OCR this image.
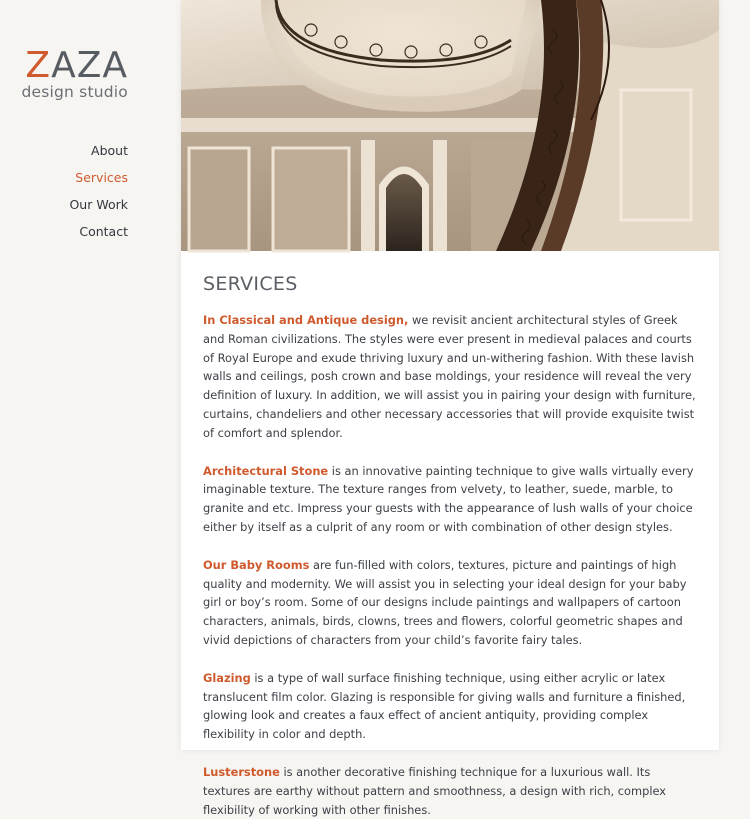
ZAZA
design studio
About
Services
Our Work
Contact
SERVICES

In Classical and Antique design, we revisit ancient architectural styles of Greek and Roman civilizations. The styles were ever present in medieval palaces and courts of Royal Europe and exude thriving luxury and un-withering fashion. With these lavish walls and ceilings, posh crown and base moldings, your residence will reveal the very definition of luxury. In addition, we will assist you in pairing your design with furniture, curtains, chandeliers and other necessary accessories that will provide exquisite twist of comfort and splendor.

Architectural Stone is an innovative painting technique to give walls virtually every imaginable texture. The texture ranges from velvety, to leather, suede, marble, to granite and etc. Impress your guests with the appearance of lush walls of your choice either by itself as a culprit of any room or with combination of other design styles.

Our Baby Rooms are fun-filled with colors, textures, picture and paintings of high quality and modernity. We will assist you in selecting your ideal design for your baby girl or boy’s room. Some of our designs include paintings and wallpapers of cartoon characters, animals, birds, clowns, trees and flowers, colorful geometric shapes and vivid depictions of characters from your child’s favorite fairy tales.

Glazing is a type of wall surface finishing technique, using either acrylic or latex translucent film color. Glazing is responsible for giving walls and furniture a finished, glowing look and creates a faux effect of ancient antiquity, providing complex flexibility in color and depth.

Lusterstone is another decorative finishing technique for a luxurious wall. Its textures are earthy without pattern and smoothness, a design with rich, complex flexibility of working with other finishes.
